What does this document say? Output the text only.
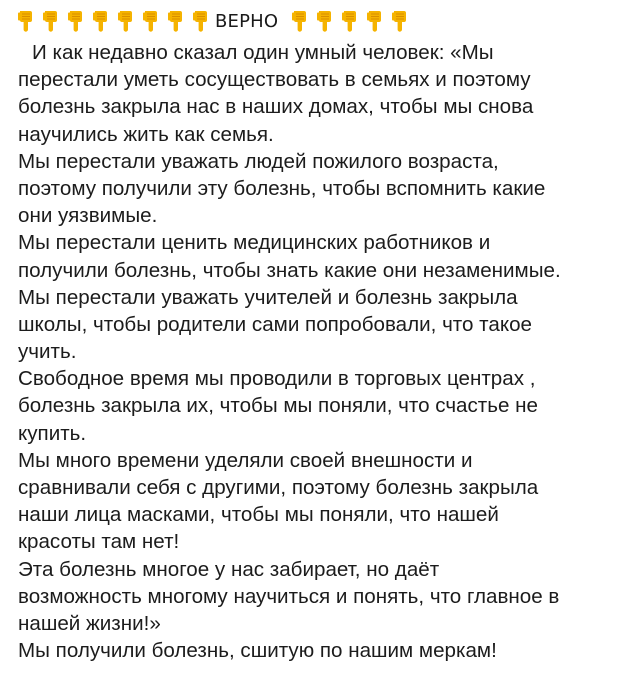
ВЕРНО
И как недавно сказал один умный человек: «Мы
перестали уметь сосуществовать в семьях и поэтому
болезнь закрыла нас в наших домах, чтобы мы снова
научились жить как семья.
Мы перестали уважать людей пожилого возраста,
поэтому получили эту болезнь, чтобы вспомнить какие
они уязвимые.
Мы перестали ценить медицинских работников и
получили болезнь, чтобы знать какие они незаменимые.
Мы перестали уважать учителей и болезнь закрыла
школы, чтобы родители сами попробовали, что такое
учить.
Свободное время мы проводили в торговых центрах ,
болезнь закрыла их, чтобы мы поняли, что счастье не
купить.
Мы много времени уделяли своей внешности и
сравнивали себя с другими, поэтому болезнь закрыла
наши лица масками, чтобы мы поняли, что нашей
красоты там нет!
Эта болезнь многое у нас забирает, но даёт
возможность многому научиться и понять, что главное в
нашей жизни!»
Мы получили болезнь, сшитую по нашим меркам!
